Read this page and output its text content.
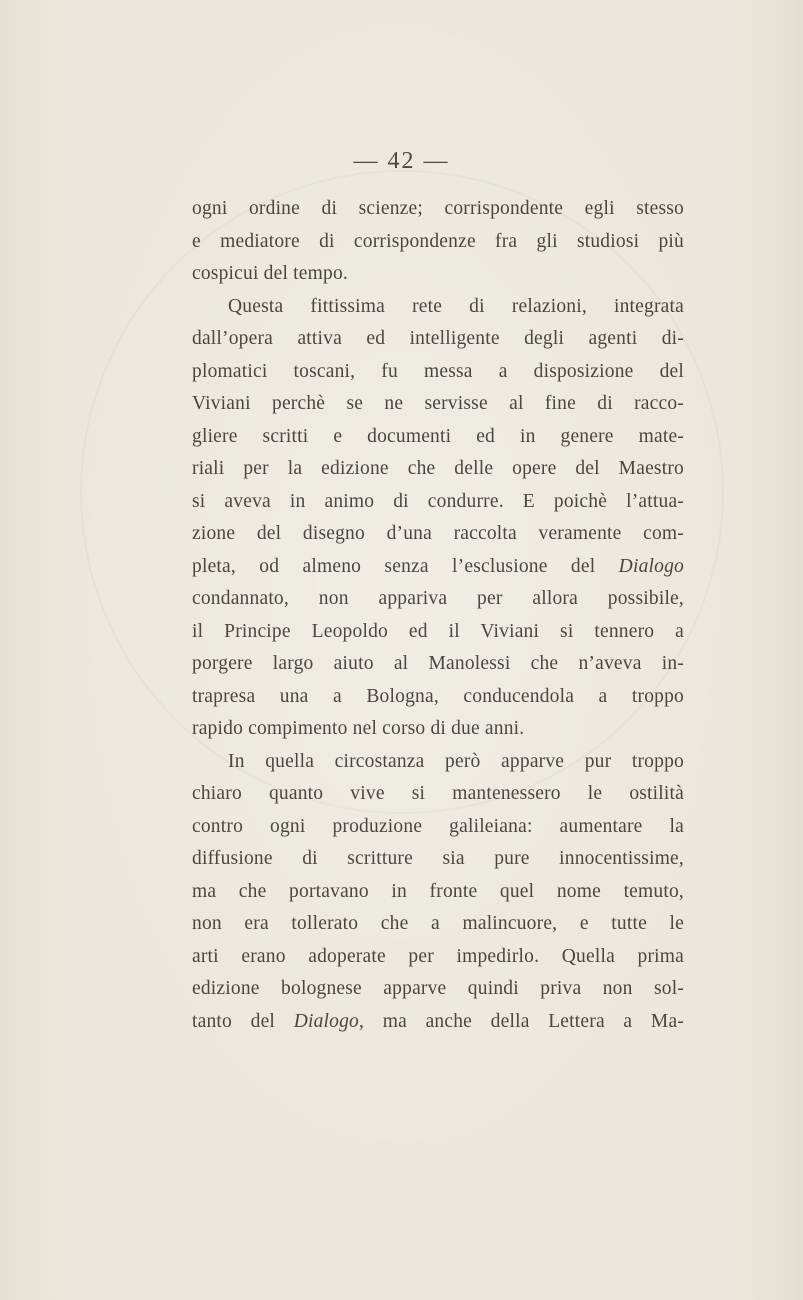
— 42 —
ogni ordine di scienze; corrispondente egli stesso
e mediatore di corrispondenze fra gli studiosi più
cospicui del tempo.
Questa fittissima rete di relazioni, integrata
dall’opera attiva ed intelligente degli agenti di-
plomatici toscani, fu messa a disposizione del
Viviani perchè se ne servisse al fine di racco-
gliere scritti e documenti ed in genere mate-
riali per la edizione che delle opere del Maestro
si aveva in animo di condurre. E poichè l’attua-
zione del disegno d’una raccolta veramente com-
pleta, od almeno senza l’esclusione del Dialogo
condannato, non appariva per allora possibile,
il Principe Leopoldo ed il Viviani si tennero a
porgere largo aiuto al Manolessi che n’aveva in-
trapresa una a Bologna, conducendola a troppo
rapido compimento nel corso di due anni.
In quella circostanza però apparve pur troppo
chiaro quanto vive si mantenessero le ostilità
contro ogni produzione galileiana: aumentare la
diffusione di scritture sia pure innocentissime,
ma che portavano in fronte quel nome temuto,
non era tollerato che a malincuore, e tutte le
arti erano adoperate per impedirlo. Quella prima
edizione bolognese apparve quindi priva non sol-
tanto del Dialogo, ma anche della Lettera a Ma-
